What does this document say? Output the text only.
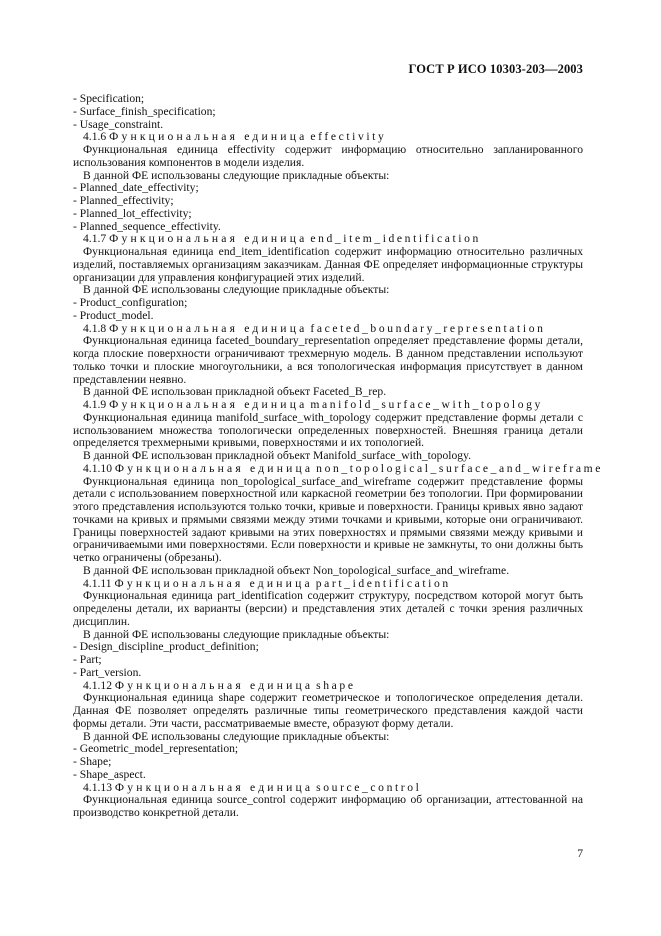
ГОСТ Р ИСО 10303-203—2003
- Specification;
- Surface_finish_specification;
- Usage_constraint.
4.1.6 Функциональная единица effectivity
Функциональная единица effectivity содержит информацию относительно запланированного использования компонентов в модели изделия.
В данной ФЕ использованы следующие прикладные объекты:
- Planned_date_effectivity;
- Planned_effectivity;
- Planned_lot_effectivity;
- Planned_sequence_effectivity.
4.1.7 Функциональная единица end_item_identification
Функциональная единица end_item_identification содержит информацию относительно различных изделий, поставляемых организациям заказчикам. Данная ФЕ определяет информационные структуры организации для управления конфигурацией этих изделий.
В данной ФЕ использованы следующие прикладные объекты:
- Product_configuration;
- Product_model.
4.1.8 Функциональная единица faceted_boundary_representation
Функциональная единица faceted_boundary_representation определяет представление формы детали, когда плоские поверхности ограничивают трехмерную модель. В данном представлении используют только точки и плоские многоугольники, а вся топологическая информация присутствует в данном представлении неявно.
В данной ФЕ использован прикладной объект Faceted_B_rep.
4.1.9 Функциональная единица manifold_surface_with_topology
Функциональная единица manifold_surface_with_topology содержит представление формы детали с использованием множества топологически определенных поверхностей. Внешняя граница детали определяется трехмерными кривыми, поверхностями и их топологией.
В данной ФЕ использован прикладной объект Manifold_surface_with_topology.
4.1.10 Функциональная единица non_topological_surface_and_wireframe
Функциональная единица non_topological_surface_and_wireframe содержит представление формы детали с использованием поверхностной или каркасной геометрии без топологии. При формировании этого представления используются только точки, кривые и поверхности. Границы кривых явно задают точками на кривых и прямыми связями между этими точками и кривыми, которые они ограничивают. Границы поверхностей задают кривыми на этих поверхностях и прямыми связями между кривыми и ограничиваемыми ими поверхностями. Если поверхности и кривые не замкнуты, то они должны быть четко ограничены (обрезаны).
В данной ФЕ использован прикладной объект Non_topological_surface_and_wireframe.
4.1.11 Функциональная единица part_identification
Функциональная единица part_identification содержит структуру, посредством которой могут быть определены детали, их варианты (версии) и представления этих деталей с точки зрения различных дисциплин.
В данной ФЕ использованы следующие прикладные объекты:
- Design_discipline_product_definition;
- Part;
- Part_version.
4.1.12 Функциональная единица shape
Функциональная единица shape содержит геометрическое и топологическое определения детали. Данная ФЕ позволяет определять различные типы геометрического представления каждой части формы детали. Эти части, рассматриваемые вместе, образуют форму детали.
В данной ФЕ использованы следующие прикладные объекты:
- Geometric_model_representation;
- Shape;
- Shape_aspect.
4.1.13 Функциональная единица source_control
Функциональная единица source_control содержит информацию об организации, аттестованной на производство конкретной детали.
7
